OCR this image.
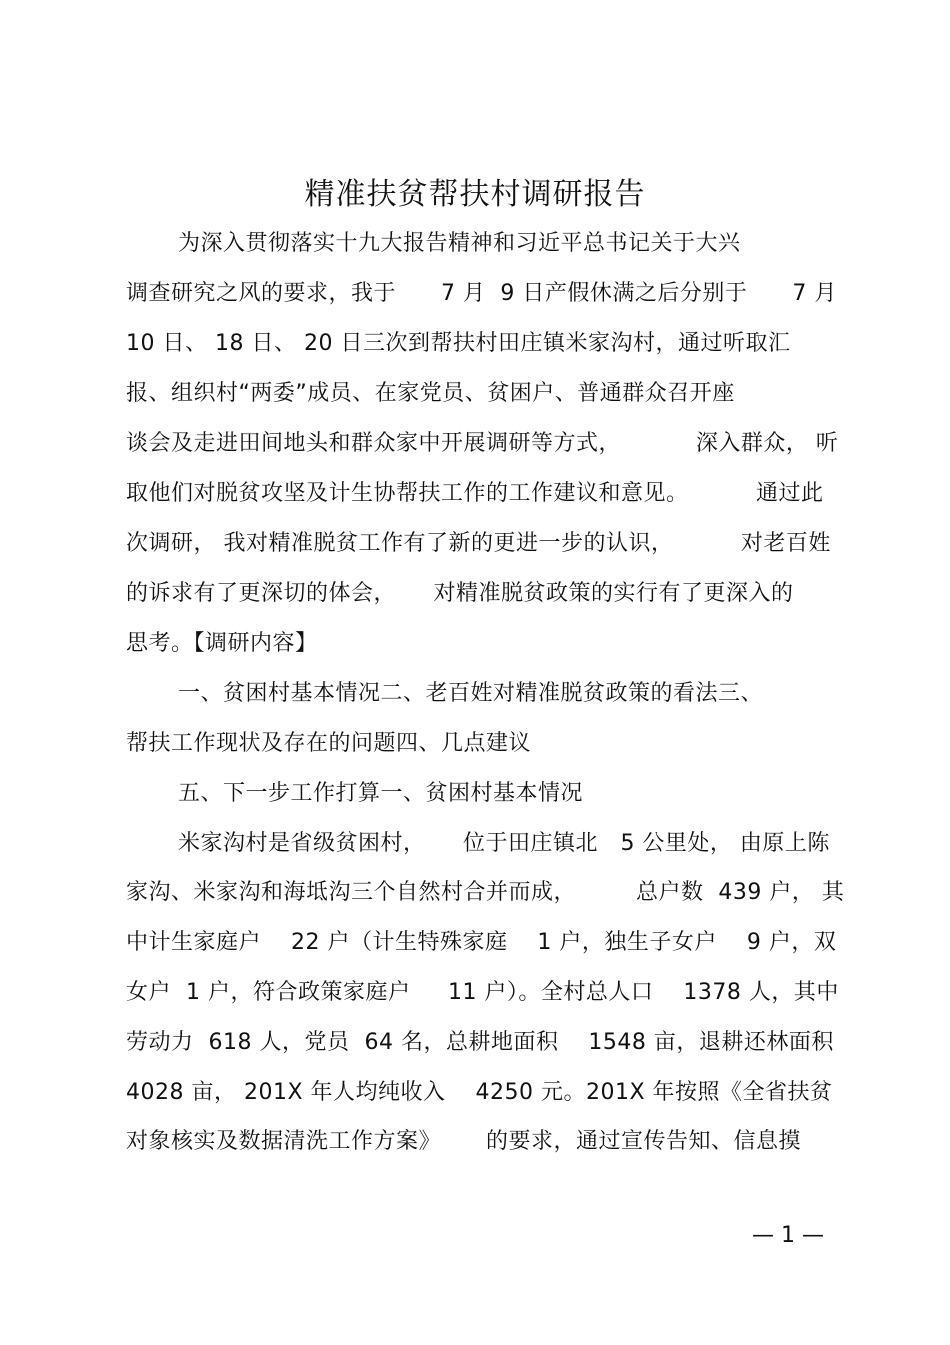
精准扶贫帮扶村调研报告
为深入贯彻落实十九大报告精神和习近平总书记关于大兴
调查研究之风的要求，我于      7 月  9 日产假休满之后分别于      7 月
10 日、 18 日、 20 日三次到帮扶村田庄镇米家沟村，通过听取汇
报、组织村“两委”成员、在家党员、贫困户、普通群众召开座
谈会及走进田间地头和群众家中开展调研等方式，          深入群众， 听
取他们对脱贫攻坚及计生协帮扶工作的工作建议和意见。         通过此
次调研， 我对精准脱贫工作有了新的更进一步的认识，         对老百姓
的诉求有了更深切的体会，     对精准脱贫政策的实行有了更深入的
思考。【调研内容】
一、贫困村基本情况二、老百姓对精准脱贫政策的看法三、
帮扶工作现状及存在的问题四、几点建议
五、下一步工作打算一、贫困村基本情况
米家沟村是省级贫困村，     位于田庄镇北   5 公里处， 由原上陈
家沟、米家沟和海坻沟三个自然村合并而成，        总户数  439 户， 其
中计生家庭户    22 户（计生特殊家庭    1 户，独生子女户    9 户，双
女户  1 户，符合政策家庭户     11 户）。全村总人口    1378 人，其中
劳动力  618 人，党员  64 名，总耕地面积    1548 亩，退耕还林面积
4028 亩， 201X 年人均纯收入    4250 元。201X 年按照《全省扶贫
对象核实及数据清洗工作方案》      的要求，通过宣传告知、信息摸
— 1 —
